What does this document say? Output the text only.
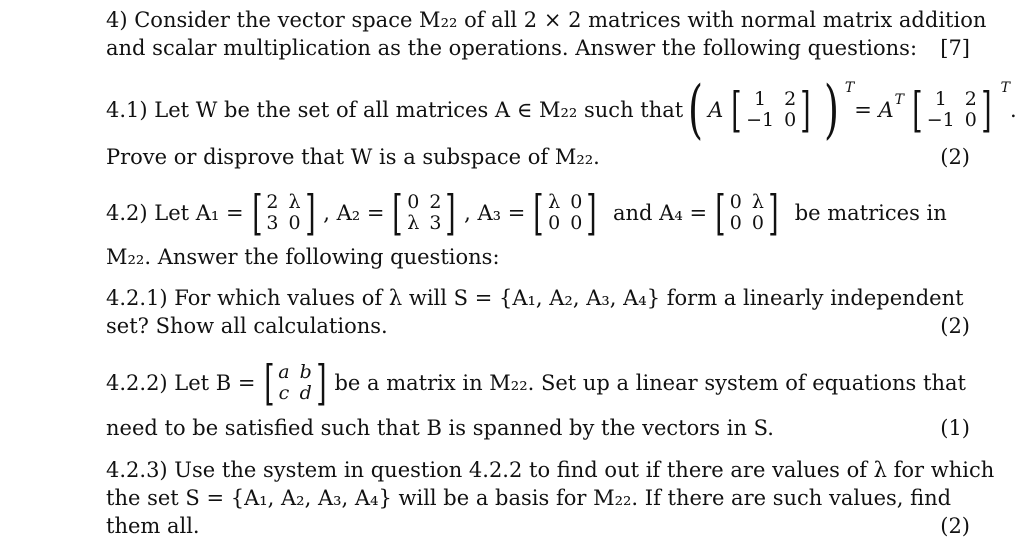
4) Consider the vector space M₂₂ of all 2 × 2 matrices with normal matrix addition
and scalar multiplication as the operations. Answer the following questions: [7]
4.1) Let W be the set of all matrices A ∈ M₂₂ such that ( A [ 1 2
−1 0 ] ) T
= A T [ 1 2
−1 0 ] T
.
Prove or disprove that W is a subspace of M₂₂.	(2)
4.2) Let A₁ = [ 2 λ
3 0 ] , A₂ = [ 0 2
λ 3 ] , A₃ = [ λ 0
0 0 ] and A₄ = [ 0 λ
0 0 ] be matrices in
M₂₂. Answer the following questions:
4.2.1) For which values of λ will S = {A₁, A₂, A₃, A₄} form a linearly independent
set? Show all calculations.	(2)
4.2.2) Let B = [ a b
c d ] be a matrix in M₂₂. Set up a linear system of equations that
need to be satisfied such that B is spanned by the vectors in S.	(1)
4.2.3) Use the system in question 4.2.2 to find out if there are values of λ for which
the set S = {A₁, A₂, A₃, A₄} will be a basis for M₂₂. If there are such values, find
them all.	(2)
